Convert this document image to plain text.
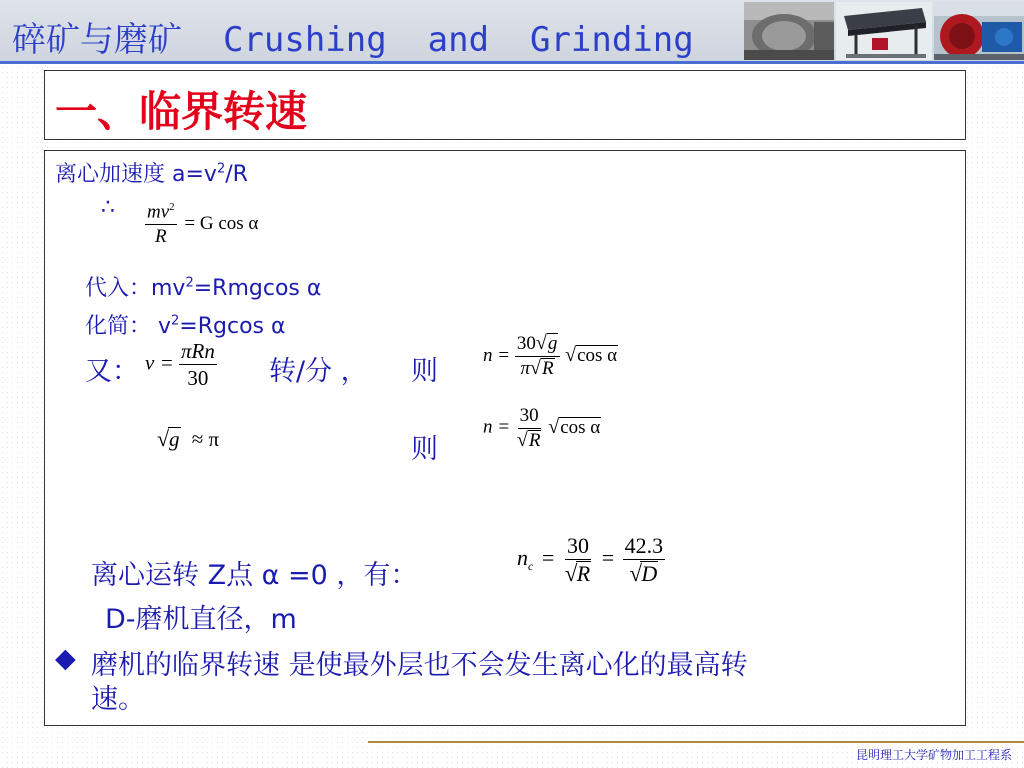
碎矿与磨矿  Crushing  and  Grinding
一、临界转速
离心加速度 $a=v^2/R$
∴ $\frac{mv^2}{R} = G$ cos α
代入：$mv^2=Rmgcos$ α
化简： $v^2=Rgcos$ α
又： $v = \frac{\text{πRn}}{30}$ 转/分 ， 则
$n = \frac{30 √ g}{\pi √ R}$ √ cos α
√ g ≈ π	则
n = 30
√ R √ cos α
离心运转 Z点 α =0 ，有：
$n_c = 30$
√ R = 42.3
√ D
D-磨机直径，m
◆ 磨机的临界转速 是使最外层也不会发生离心化的最高转
速。
昆明理工大学矿物加工工程系
